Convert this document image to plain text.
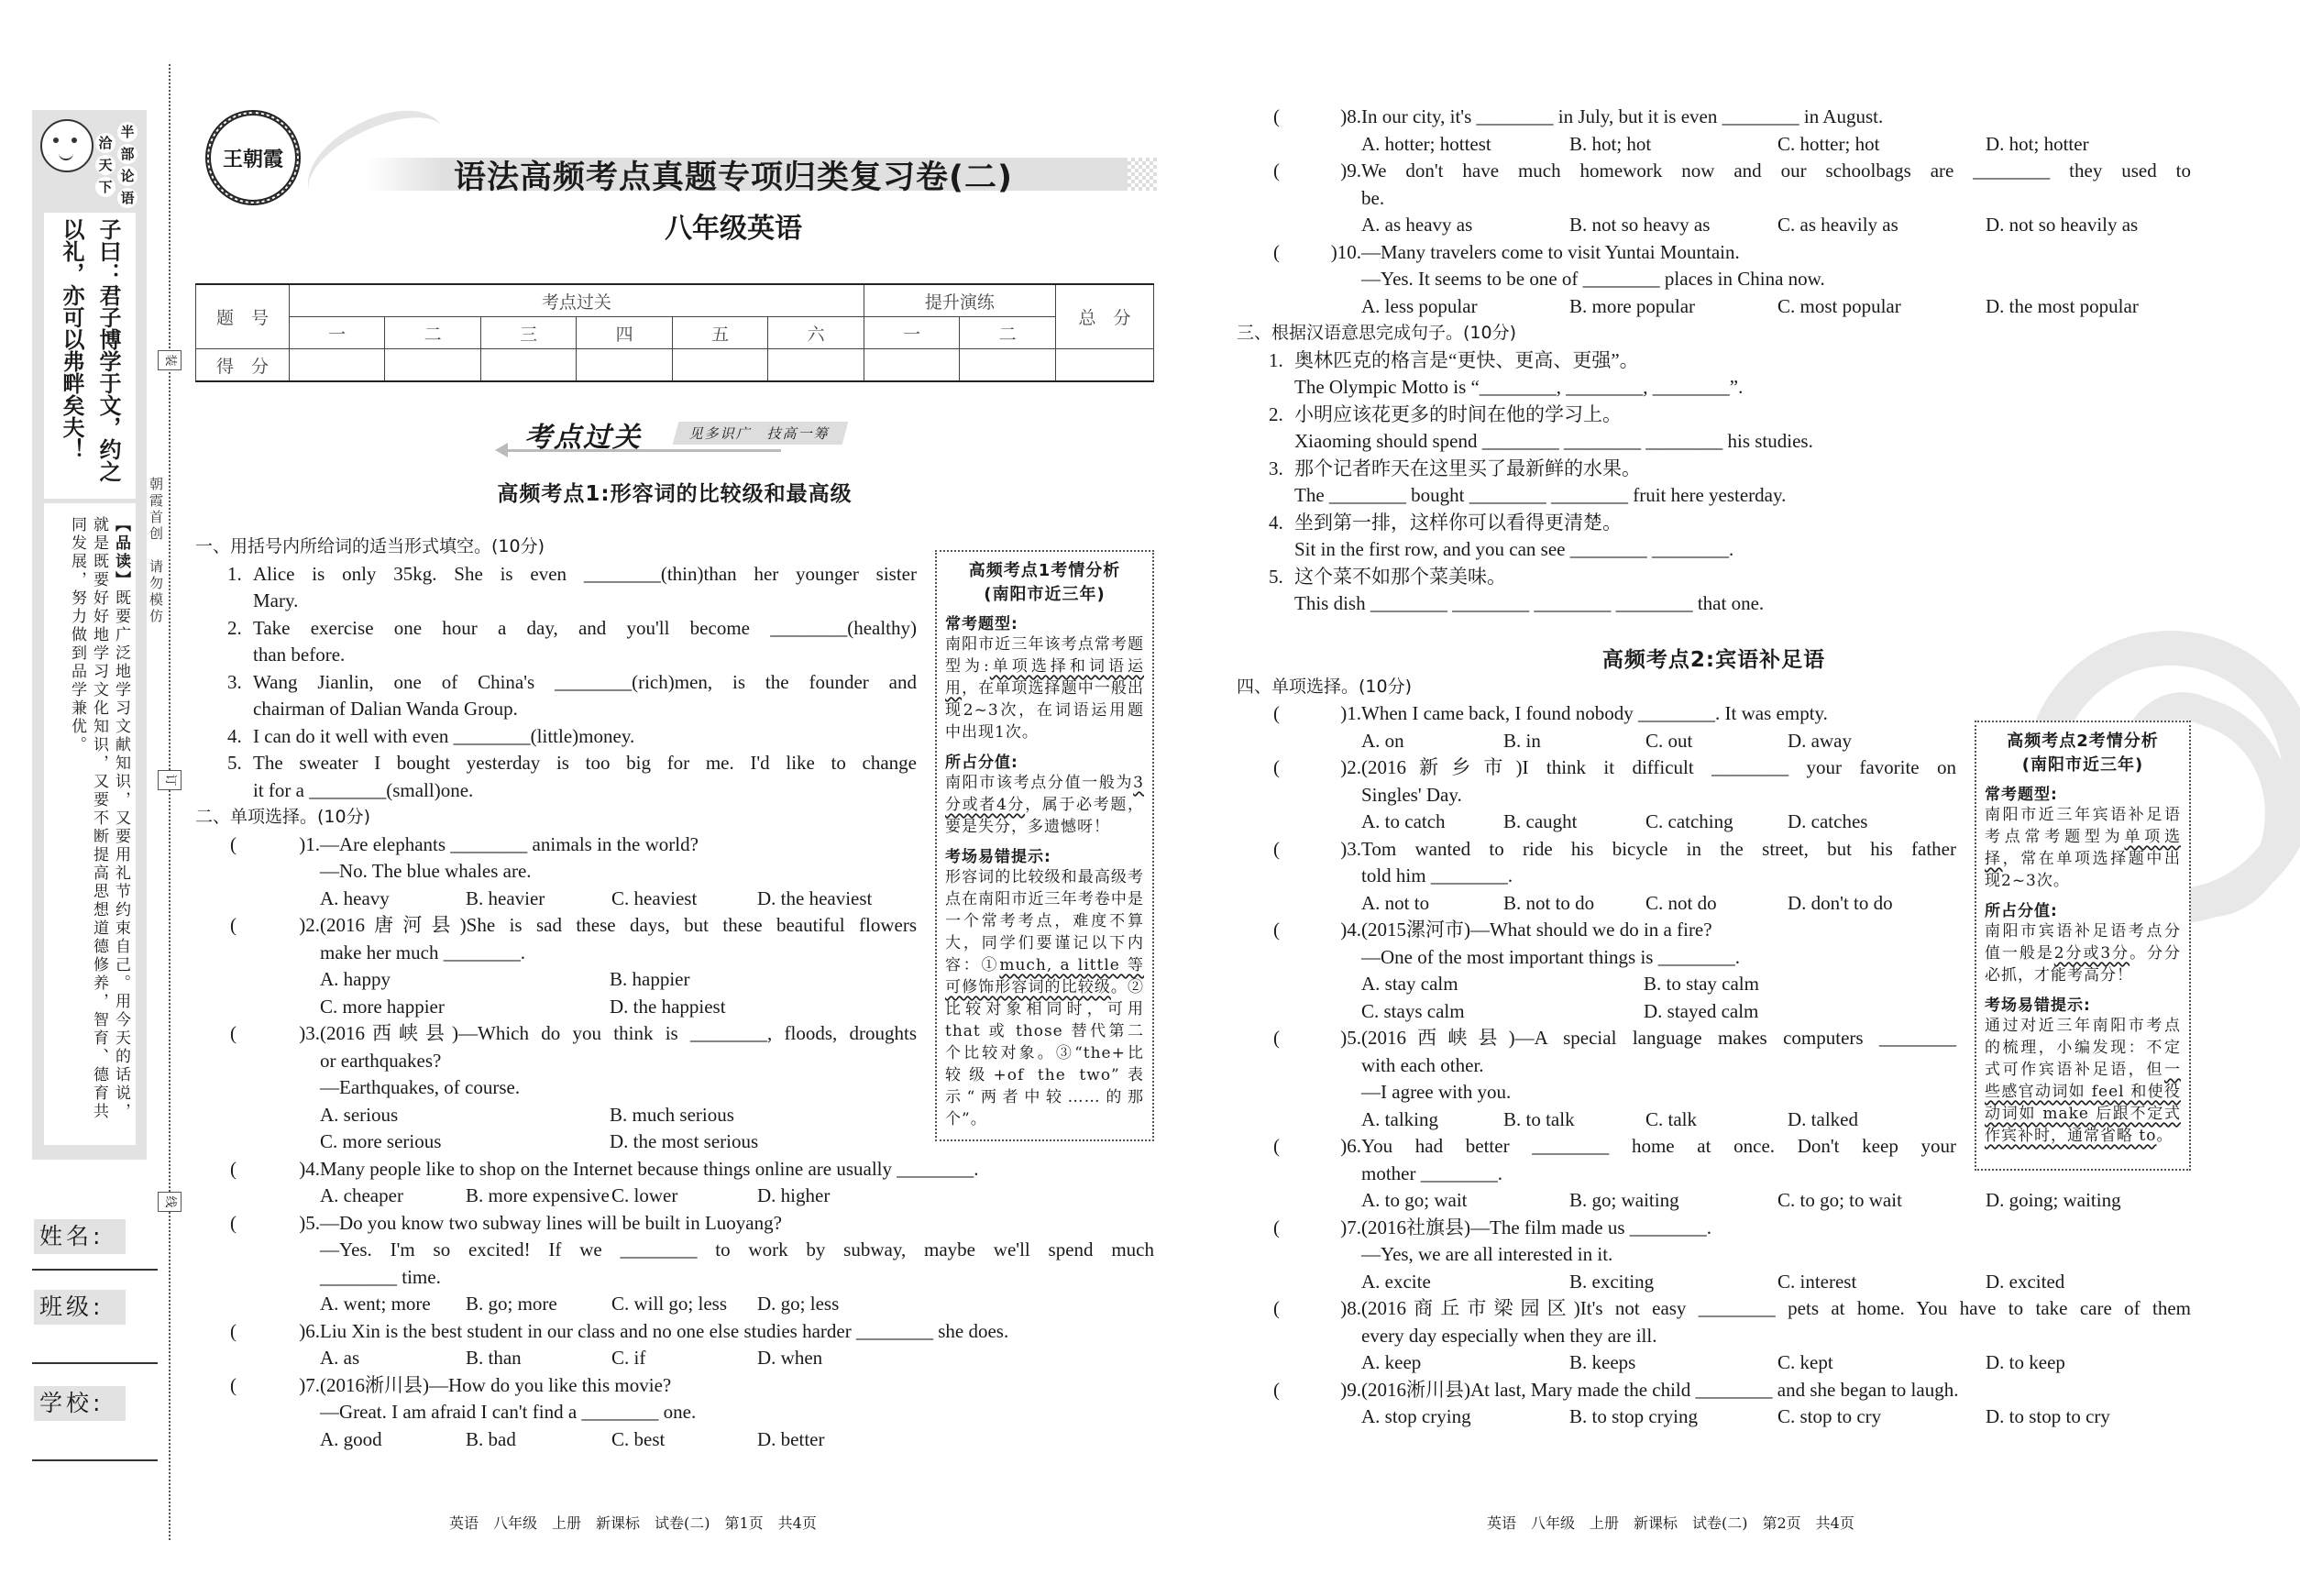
半
部
论
语
洽
天
下
子曰：君子博学于文，约之
以礼，亦可以弗畔矣夫！
【品读】既要广泛地学习文献知识，又要用礼节约束自己。用今天的话说，就是既要好好地学习文化知识，又要不断提高思想道德修养，智育、德育共同发展，努力做到品学兼优。	朝霞首创　请勿模仿
装
订
线
姓名:
班级:
学校:
王朝霞
语法高频考点真题专项归类复习卷(二)
八年级英语
题　号	考点过关						提升演练		总　分
	一	二	三	四	五	六	一	二	
得　分									
考点过关	见多识广　技高一筹
高频考点1:形容词的比较级和最高级
高频考点1考情分析
(南阳市近三年)
常考题型:
南阳市近三年该考点常考题型为:单项选择和词语运用，在单项选择题中一般出现2~3次，在词语运用题中出现1次。
所占分值:
南阳市该考点分值一般为3分或者4分，属于必考题，要是失分，多遗憾呀！
考场易错提示:
形容词的比较级和最高级考点在南阳市近三年考卷中是一个常考考点，难度不算大，同学们要谨记以下内容：①much, a little 等可修饰形容词的比较级。②比较对象相同时，可用 that 或 those 替代第二个比较对象。③“the+比较级+of the two”表示“两者中较……的那个”。
一、用括号内所给词的适当形式填空。(10分)
1. Alice is only 35kg. She is even ________(thin)than her younger sister
Mary.
2. Take exercise one hour a day, and you'll become ________(healthy)
than before.
3. Wang Jianlin, one of China's ________(rich)men, is the founder and
chairman of Dalian Wanda Group.
4. I can do it well with even ________(little)money.
5. The sweater I bought yesterday is too big for me. I'd like to change
it for a ________(small)one.
二、单项选择。(10分)
(
) 1. —Are elephants ________ animals in the world?
—No. The blue whales are.
A. heavy	B. heavier	C. heaviest	D. the heaviest
(
) 2. (2016唐河县)She is sad these days, but these beautiful flowers
make her much ________.
A. happy	B. happier
C. more happier	D. the happiest
(
) 3. (2016西峡县)—Which do you think is ________, floods, droughts
or earthquakes?
—Earthquakes, of course.
A. serious	B. much serious
C. more serious	D. the most serious
(
) 4. Many people like to shop on the Internet because things online are usually ________.
A. cheaper	B. more expensive C. lower	D. higher
(
) 5. —Do you know two subway lines will be built in Luoyang?
—Yes. I'm so excited! If we ________ to work by subway, maybe we'll spend much
________ time.
A. went; more	B. go; more	C. will go; less	D. go; less
(
) 6. Liu Xin is the best student in our class and no one else studies harder ________ she does.
A. as	B. than	C. if	D. when
(
) 7. (2016淅川县)—How do you like this movie?
—Great. I am afraid I can't find a ________ one.
A. good	B. bad	C. best	D. better
(
) 8. In our city, it's ________ in July, but it is even ________ in August.
A. hotter; hottest	B. hot; hot	C. hotter; hot	D. hot; hotter
(
) 9. We don't have much homework now and our schoolbags are ________ they used to
be.
A. as heavy as	B. not so heavy as	C. as heavily as	D. not so heavily as
(
) 10. —Many travelers come to visit Yuntai Mountain.
—Yes. It seems to be one of ________ places in China now.
A. less popular	B. more popular	C. most popular	D. the most popular
三、根据汉语意思完成句子。(10分)
1. 奥林匹克的格言是“更快、更高、更强”。
The Olympic Motto is “________, ________, ________”.
2. 小明应该花更多的时间在他的学习上。
Xiaoming should spend ________ ________ ________ his studies.
3. 那个记者昨天在这里买了最新鲜的水果。
The ________ bought ________ ________ fruit here yesterday.
4. 坐到第一排，这样你可以看得更清楚。
Sit in the first row, and you can see ________ ________.
5. 这个菜不如那个菜美味。
This dish ________ ________ ________ ________ that one.
高频考点2:宾语补足语
四、单项选择。(10分)
高频考点2考情分析
(南阳市近三年)
常考题型:
南阳市近三年宾语补足语考点常考题型为单项选择，常在单项选择题中出现2~3次。
所占分值:
南阳市宾语补足语考点分值一般是2分或3分。分分必抓，才能考高分！
考场易错提示:
通过对近三年南阳市考点的梳理，小编发现：不定式可作宾语补足语，但一些感官动词如 feel 和使役动词如 make 后跟不定式作宾补时，通常省略 to。
(
) 1. When I came back, I found nobody ________. It was empty.
A. on	B. in	C. out	D. away
(
) 2. (2016新乡市)I think it difficult ________ your favorite on
Singles' Day.
A. to catch	B. caught	C. catching	D. catches
(
) 3. Tom wanted to ride his bicycle in the street, but his father
told him ________.
A. not to	B. not to do	C. not do	D. don't to do
(
) 4. (2015漯河市)—What should we do in a fire?
—One of the most important things is ________.
A. stay calm	B. to stay calm
C. stays calm	D. stayed calm
(
) 5. (2016西峡县)—A special language makes computers ________
with each other.
—I agree with you.
A. talking	B. to talk	C. talk	D. talked
(
) 6. You had better ________ home at once. Don't keep your
mother ________.
A. to go; wait	B. go; waiting	C. to go; to wait	D. going; waiting
(
) 7. (2016社旗县)—The film made us ________.
—Yes, we are all interested in it.
A. excite	B. exciting	C. interest	D. excited
(
) 8. (2016商丘市梁园区)It's not easy ________ pets at home. You have to take care of them
every day especially when they are ill.
A. keep	B. keeps	C. kept	D. to keep
(
) 9. (2016淅川县)At last, Mary made the child ________ and she began to laugh.
A. stop crying	B. to stop crying	C. stop to cry	D. to stop to cry
英语　八年级　上册　新课标　试卷(二)　第1页　共4页	英语　八年级　上册　新课标　试卷(二)　第2页　共4页
